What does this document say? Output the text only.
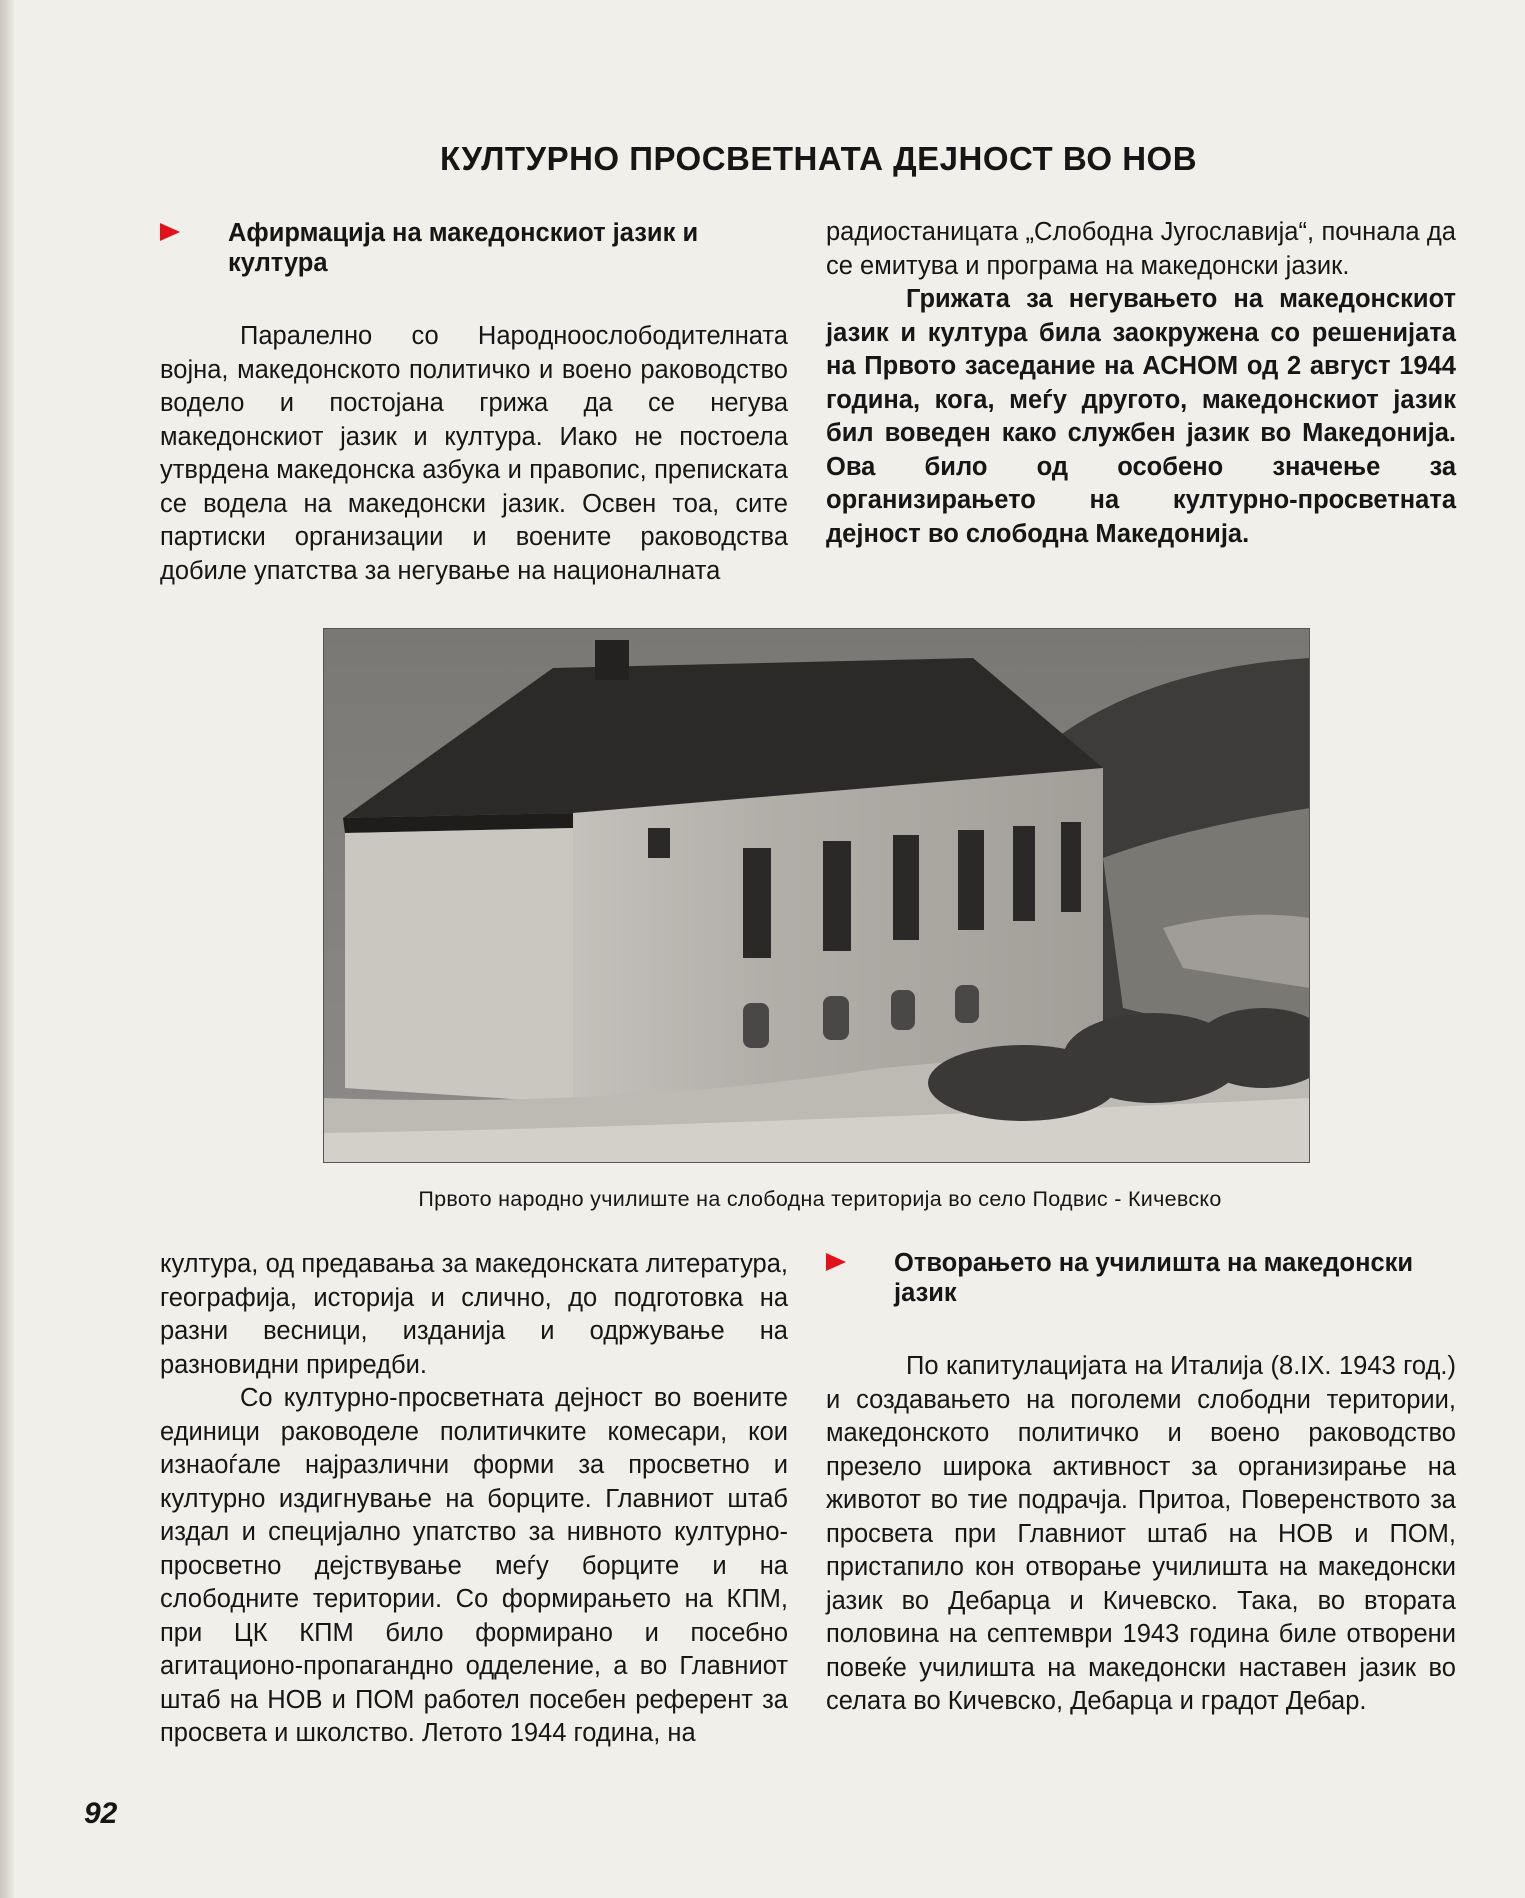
КУЛТУРНО ПРОСВЕТНАТА ДЕЈНОСТ ВО НОВ
Афирмација на македонскиот јазик и
култура

Паралелно со Народноослободителната војна, македонското политичко и воено раководство водело и постојана грижа да се негува македонскиот јазик и култура. Иако не постоела утврдена македонска азбука и правопис, преписката се водела на македонски јазик. Освен тоа, сите партиски организации и воените раководства добиле упатства за негување на националната

радиостаницата „Слободна Југославија“, почнала да се емитува и програма на македонски јазик.

Грижата за негувањето на македонскиот јазик и култура била заокружена со решенијата на Првото заседание на АСНОМ од 2 август 1944 година, кога, меѓу другото, македонскиот јазик бил воведен како службен јазик во Македонија. Ова било од особено значење за организирањето на културно-просветната дејност во слободна Македонија.

Првото народно училиште на слободна територија во село Подвис - Кичевско

култура, од предавања за македонската литература, географија, историја и слично, до подготовка на разни весници, изданија и одржување на разновидни приредби.

Со културно-просветната дејност во воените единици раководеле политичките комесари, кои изнаоѓале најразлични форми за просветно и културно издигнување на борците. Главниот штаб издал и специјално упатство за нивното културно-просветно дејствување меѓу борците и на слободните територии. Со формирањето на КПМ, при ЦК КПМ било формирано и посебно агитационо-пропагандно одделение, а во Главниот штаб на НОВ и ПОМ работел посебен референт за просвета и школство. Летото 1944 година, на

Отворањето на училишта на македонски
јазик

По капитулацијата на Италија (8.IX. 1943 год.) и создавањето на поголеми слободни територии, македонското политичко и воено раководство презело широка активност за организирање на животот во тие подрачја. Притоа, Поверенството за просвета при Главниот штаб на НОВ и ПОМ, пристапило кон отворање училишта на македонски јазик во Дебарца и Кичевско. Така, во втората половина на септември 1943 година биле отворени повеќе училишта на македонски наставен јазик во селата во Кичевско, Дебарца и градот Дебар.

92
